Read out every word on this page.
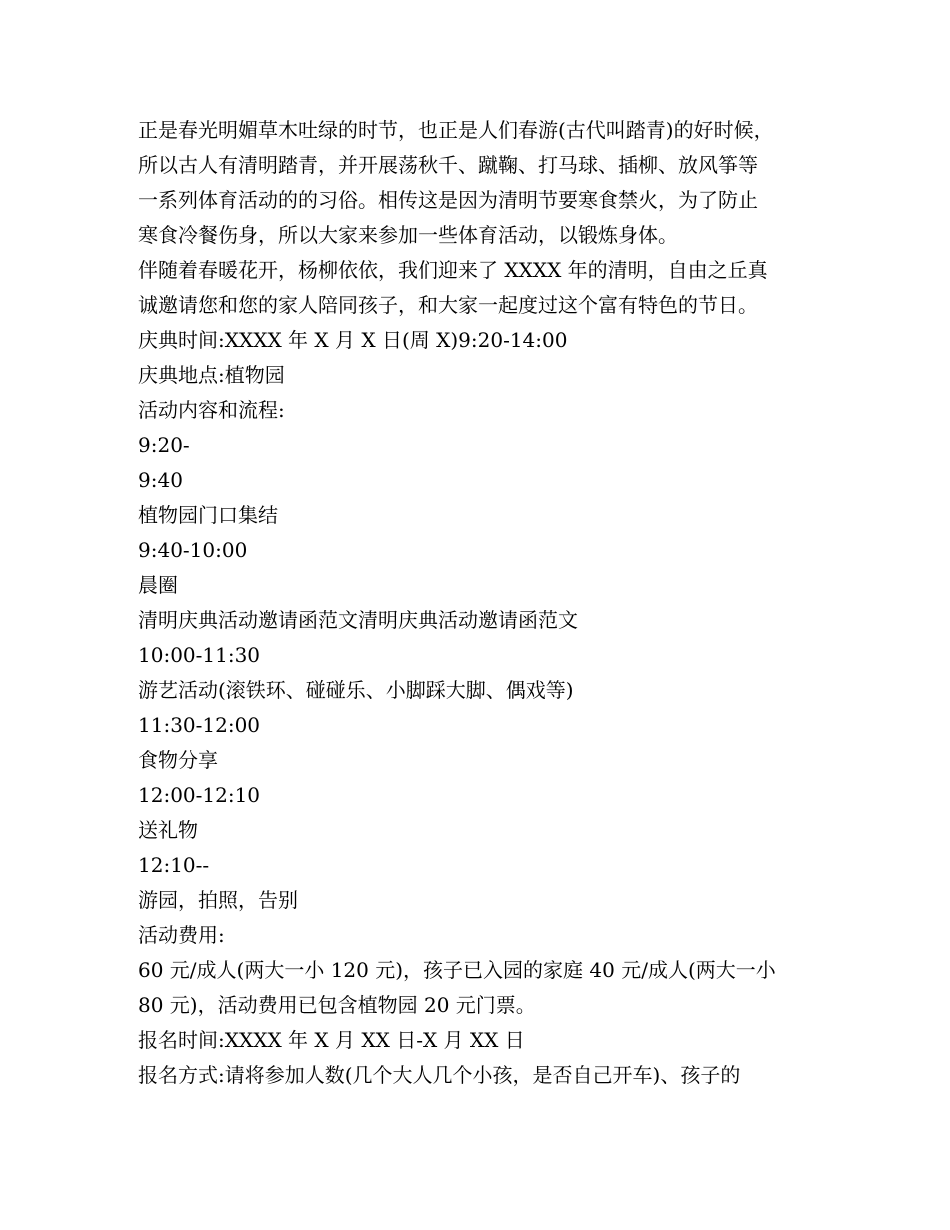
正是春光明媚草木吐绿的时节，也正是人们春游(古代叫踏青)的好时候，
所以古人有清明踏青，并开展荡秋千、蹴鞠、打马球、插柳、放风筝等
一系列体育活动的的习俗。相传这是因为清明节要寒食禁火，为了防止
寒食冷餐伤身，所以大家来参加一些体育活动，以锻炼身体。
伴随着春暖花开，杨柳依依，我们迎来了 XXXX 年的清明，自由之丘真
诚邀请您和您的家人陪同孩子，和大家一起度过这个富有特色的节日。
庆典时间:XXXX 年 X 月 X 日(周 X)9:20-14:00
庆典地点:植物园
活动内容和流程:
9:20-
9:40
植物园门口集结
9:40-10:00
晨圈
清明庆典活动邀请函范文清明庆典活动邀请函范文
10:00-11:30
游艺活动(滚铁环、碰碰乐、小脚踩大脚、偶戏等)
11:30-12:00
食物分享
12:00-12:10
送礼物
12:10--
游园，拍照，告别
活动费用:
60 元/成人(两大一小 120 元)，孩子已入园的家庭 40 元/成人(两大一小
80 元)，活动费用已包含植物园 20 元门票。
报名时间:XXXX 年 X 月 XX 日-X 月 XX 日
报名方式:请将参加人数(几个大人几个小孩，是否自己开车)、孩子的
